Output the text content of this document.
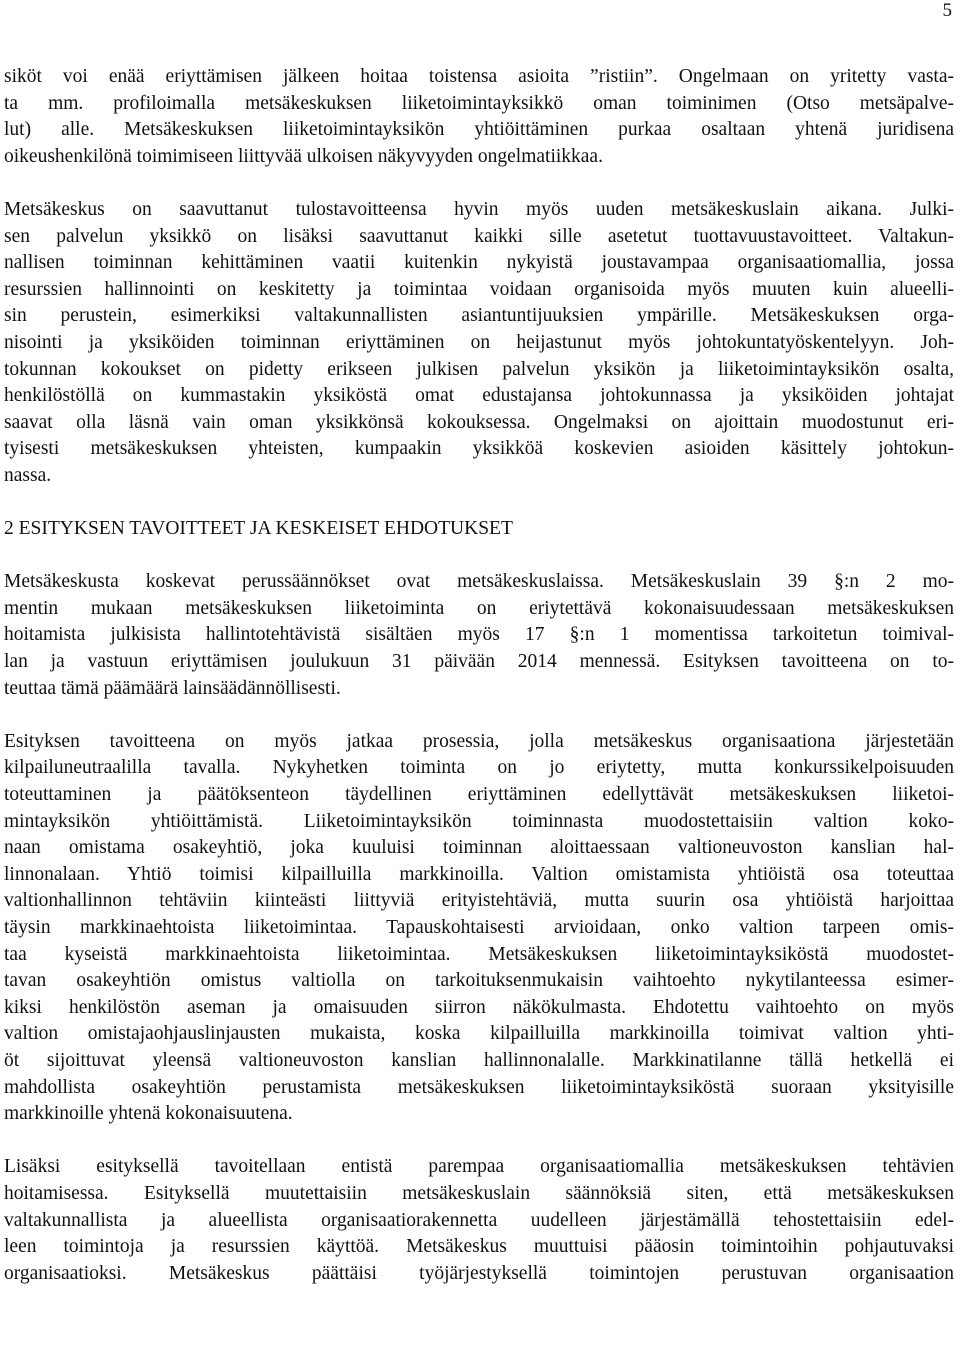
5
siköt voi enää eriyttämisen jälkeen hoitaa toistensa asioita ”ristiin”. Ongelmaan on yritetty vasta-
ta mm. profiloimalla metsäkeskuksen liiketoimintayksikkö oman toiminimen (Otso metsäpalve-
lut) alle. Metsäkeskuksen liiketoimintayksikön yhtiöittäminen purkaa osaltaan yhtenä juridisena
oikeushenkilönä toimimiseen liittyvää ulkoisen näkyvyyden ongelmatiikkaa.
Metsäkeskus on saavuttanut tulostavoitteensa hyvin myös uuden metsäkeskuslain aikana. Julki-
sen palvelun yksikkö on lisäksi saavuttanut kaikki sille asetetut tuottavuustavoitteet. Valtakun-
nallisen toiminnan kehittäminen vaatii kuitenkin nykyistä joustavampaa organisaatiomallia, jossa
resurssien hallinnointi on keskitetty ja toimintaa voidaan organisoida myös muuten kuin alueelli-
sin perustein, esimerkiksi valtakunnallisten asiantuntijuuksien ympärille. Metsäkeskuksen orga-
nisointi ja yksiköiden toiminnan eriyttäminen on heijastunut myös johtokuntatyöskentelyyn. Joh-
tokunnan kokoukset on pidetty erikseen julkisen palvelun yksikön ja liiketoimintayksikön osalta,
henkilöstöllä on kummastakin yksiköstä omat edustajansa johtokunnassa ja yksiköiden johtajat
saavat olla läsnä vain oman yksikkönsä kokouksessa. Ongelmaksi on ajoittain muodostunut eri-
tyisesti metsäkeskuksen yhteisten, kumpaakin yksikköä koskevien asioiden käsittely johtokun-
nassa.
2 ESITYKSEN TAVOITTEET JA KESKEISET EHDOTUKSET
Metsäkeskusta koskevat perussäännökset ovat metsäkeskuslaissa. Metsäkeskuslain 39 §:n 2 mo-
mentin mukaan metsäkeskuksen liiketoiminta on eriytettävä kokonaisuudessaan metsäkeskuksen
hoitamista julkisista hallintotehtävistä sisältäen myös 17 §:n 1 momentissa tarkoitetun toimival-
lan ja vastuun eriyttämisen joulukuun 31 päivään 2014 mennessä. Esityksen tavoitteena on to-
teuttaa tämä päämäärä lainsäädännöllisesti.
Esityksen tavoitteena on myös jatkaa prosessia, jolla metsäkeskus organisaationa järjestetään
kilpailuneutraalilla tavalla. Nykyhetken toiminta on jo eriytetty, mutta konkurssikelpoisuuden
toteuttaminen ja päätöksenteon täydellinen eriyttäminen edellyttävät metsäkeskuksen liiketoi-
mintayksikön yhtiöittämistä. Liiketoimintayksikön toiminnasta muodostettaisiin valtion koko-
naan omistama osakeyhtiö, joka kuuluisi toiminnan aloittaessaan valtioneuvoston kanslian hal-
linnonalaan. Yhtiö toimisi kilpailluilla markkinoilla. Valtion omistamista yhtiöistä osa toteuttaa
valtionhallinnon tehtäviin kiinteästi liittyviä erityistehtäviä, mutta suurin osa yhtiöistä harjoittaa
täysin markkinaehtoista liiketoimintaa. Tapauskohtaisesti arvioidaan, onko valtion tarpeen omis-
taa kyseistä markkinaehtoista liiketoimintaa. Metsäkeskuksen liiketoimintayksiköstä muodostet-
tavan osakeyhtiön omistus valtiolla on tarkoituksenmukaisin vaihtoehto nykytilanteessa esimer-
kiksi henkilöstön aseman ja omaisuuden siirron näkökulmasta. Ehdotettu vaihtoehto on myös
valtion omistajaohjauslinjausten mukaista, koska kilpailluilla markkinoilla toimivat valtion yhti-
öt sijoittuvat yleensä valtioneuvoston kanslian hallinnonalalle. Markkinatilanne tällä hetkellä ei
mahdollista osakeyhtiön perustamista metsäkeskuksen liiketoimintayksiköstä suoraan yksityisille
markkinoille yhtenä kokonaisuutena.
Lisäksi esityksellä tavoitellaan entistä parempaa organisaatiomallia metsäkeskuksen tehtävien
hoitamisessa. Esityksellä muutettaisiin metsäkeskuslain säännöksiä siten, että metsäkeskuksen
valtakunnallista ja alueellista organisaatiorakennetta uudelleen järjestämällä tehostettaisiin edel-
leen toimintoja ja resurssien käyttöä. Metsäkeskus muuttuisi pääosin toimintoihin pohjautuvaksi
organisaatioksi. Metsäkeskus päättäisi työjärjestyksellä toimintojen perustuvan organisaation
